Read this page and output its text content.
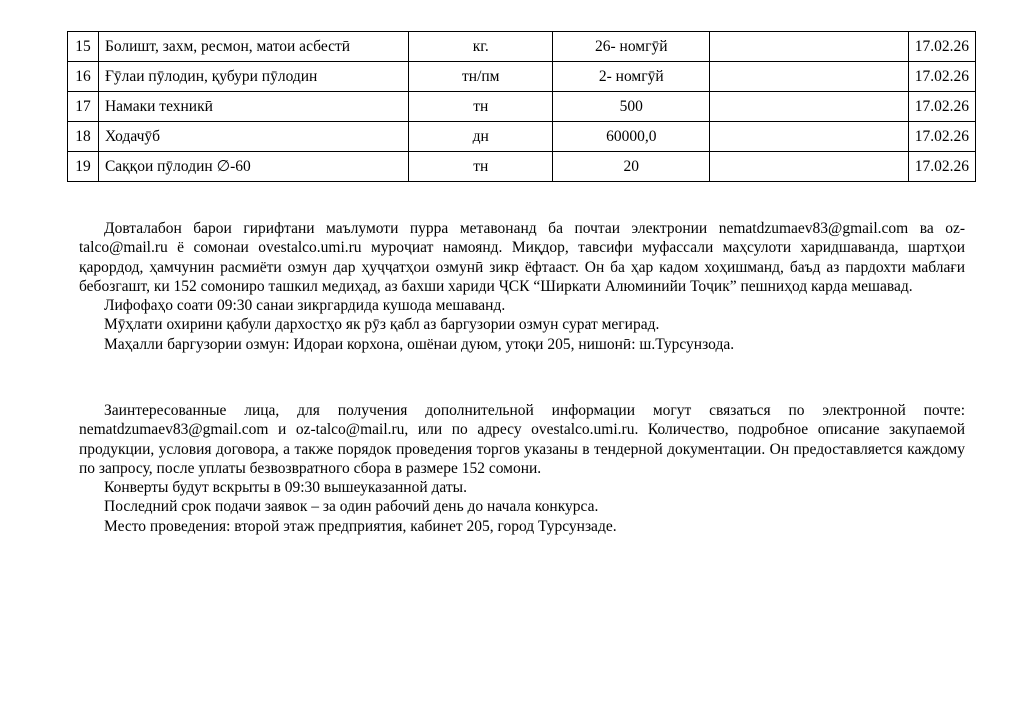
15	Болишт, захм, ресмон, матои асбестӣ	кг.	26- номгӯй		17.02.26
16	Ғӯлаи пӯлодин, қубури пӯлодин	тн/пм	2- номгӯй		17.02.26
17	Намаки техникӣ	тн	500		17.02.26
18	Ходачӯб	дн	60000,0		17.02.26
19	Саққои пӯлодин ∅-60	тн	20		17.02.26

Довталабон барои гирифтани маълумоти пурра метавонанд ба почтаи электронии nematdzumaev83@gmail.com ва oz-talco@mail.ru ё сомонаи ovestalco.umi.ru муроҷиат намоянд. Миқдор, тавсифи муфассали маҳсулоти харидшаванда, шартҳои қарордод, ҳамчунин расмиёти озмун дар ҳуҷҷатҳои озмунӣ зикр ёфтааст. Он ба ҳар кадом хоҳишманд, баъд аз пардохти маблағи бебозгашт, ки 152 сомониро ташкил медиҳад, аз бахши хариди ҶСК “Ширкати Алюминийи Тоҷик” пешниҳод карда мешавад.

Лифофаҳо соати 09:30 санаи зикргардида кушода мешаванд.

Мӯҳлати охирини қабули дархостҳо як рӯз қабл аз баргузории озмун сурат мегирад.

Маҳалли баргузории озмун: Идораи корхона, ошёнаи дуюм, утоқи 205, нишонӣ: ш.Турсунзода.

Заинтересованные лица, для получения дополнительной информации могут связаться по электронной почте: nematdzumaev83@gmail.com и oz-talco@mail.ru, или по адресу ovestalco.umi.ru. Количество, подробное описание закупаемой продукции, условия договора, а также порядок проведения торгов указаны в тендерной документации. Он предоставляется каждому по запросу, после уплаты безвозвратного сбора в размере 152 сомони.

Конверты будут вскрыты в 09:30 вышеуказанной даты.

Последний срок подачи заявок – за один рабочий день до начала конкурса.

Место проведения: второй этаж предприятия, кабинет 205, город Турсунзаде.
